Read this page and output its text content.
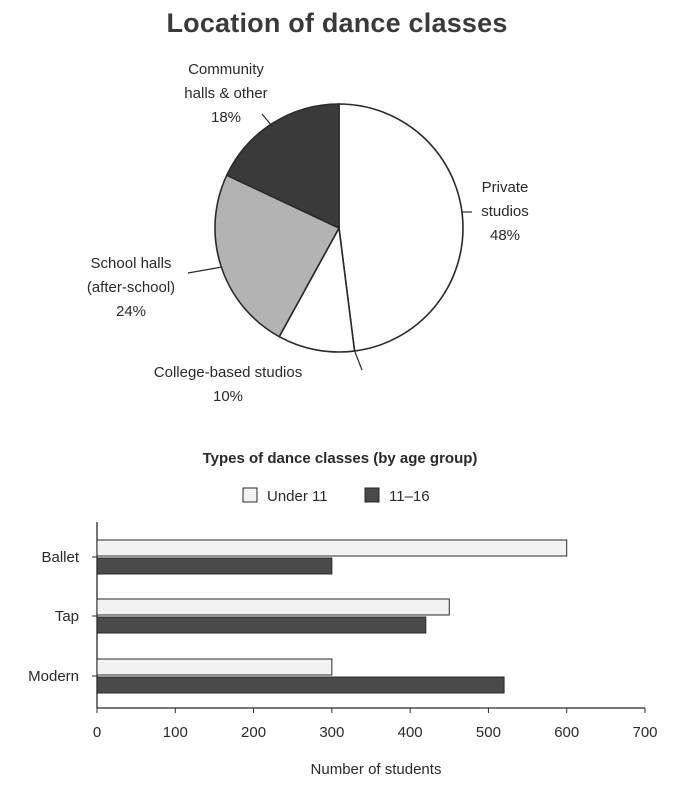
Location of dance classes
Private
studios
48%
College-based studios
10%
School halls
(after-school)
24%
Community
halls & other
18%
Types of dance classes (by age group)
Under 11	11–16
0	100	200	300	400	500	600	700
Number of students
Ballet
Tap
Modern
